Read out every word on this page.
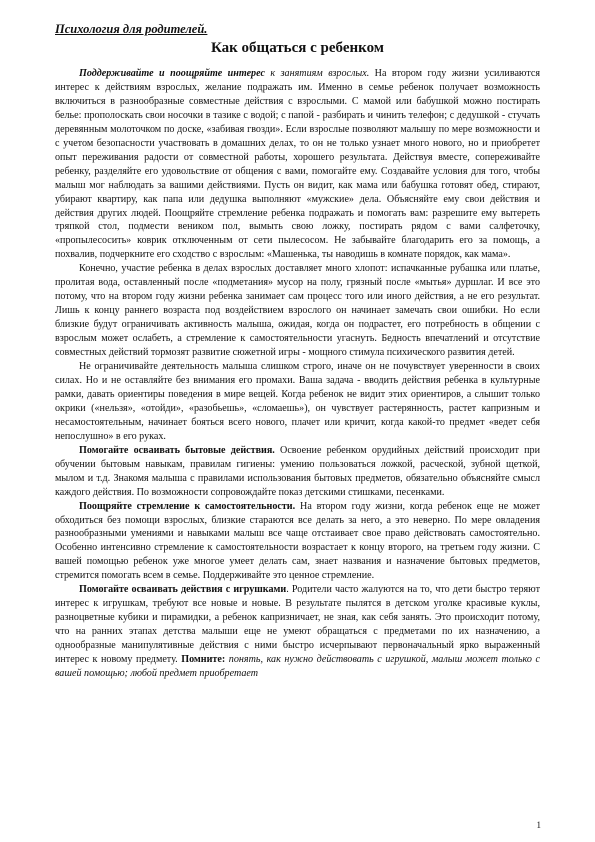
Психология для родителей.

Как общаться с ребенком

Поддерживайте и поощряйте интерес к занятиям взрослых. На втором году жизни усиливаются интерес к действиям взрослых, желание подражать им. Именно в семье ребенок получает возможность включиться в разнообразные совместные действия с взрослыми. С мамой или бабушкой можно постирать белье: прополоскать свои носочки в тазике с водой; с папой - разбирать и чинить телефон; с дедушкой - стучать деревянным молоточком по доске, «забивая гвозди». Если взрослые позволяют малышу по мере возможности и с учетом безопасности участвовать в домашних делах, то он не только узнает много нового, но и приобретет опыт переживания радости от совместной работы, хорошего результата. Действуя вместе, сопереживайте ребенку, разделяйте его удовольствие от общения с вами, помогайте ему. Создавайте условия для того, чтобы малыш мог наблюдать за вашими действиями. Пусть он видит, как мама или бабушка готовят обед, стирают, убирают квартиру, как папа или дедушка выполняют «мужские» дела. Объясняйте ему свои действия и действия других людей. Поощряйте стремление ребенка подражать и помогать вам: разрешите ему вытереть тряпкой стол, подмести веником пол, вымыть свою ложку, постирать рядом с вами салфеточку, «пропылесосить» коврик отключенным от сети пылесосом. Не забывайте благодарить его за помощь, а похвалив, подчеркните его сходство с взрослым: «Машенька, ты наводишь в комнате порядок, как мама».

Конечно, участие ребенка в делах взрослых доставляет много хлопот: испачканные рубашка или платье, пролитая вода, оставленный после «подметания» мусор на полу, грязный после «мытья» дуршлаг. И все это потому, что на втором году жизни ребенка занимает сам процесс того или иного действия, а не его результат. Лишь к концу раннего возраста под воздействием взрослого он начинает замечать свои ошибки. Но если близкие будут ограничивать активность малыша, ожидая, когда он подрастет, его потребность в общении с взрослым может ослабеть, а стремление к самостоятельности угаснуть. Бедность впечатлений и отсутствие совместных действий тормозят развитие сюжетной игры - мощного стимула психического развития детей.

Не ограничивайте деятельность малыша слишком строго, иначе он не почувствует уверенности в своих силах. Но и не оставляйте без внимания его промахи. Ваша задача - вводить действия ребенка в культурные рамки, давать ориентиры поведения в мире вещей. Когда ребенок не видит этих ориентиров, а слышит только окрики («нельзя», «отойди», «разобьешь», «сломаешь»), он чувствует растерянность, растет капризным и несамостоятельным, начинает бояться всего нового, плачет или кричит, когда какой-то предмет «ведет себя непослушно» в его руках.

Помогайте осваивать бытовые действия. Освоение ребенком орудийных действий происходит при обучении бытовым навыкам, правилам гигиены: умению пользоваться ложкой, расческой, зубной щеткой, мылом и т.д. Знакомя малыша с правилами использования бытовых предметов, обязательно объясняйте смысл каждого действия. По возможности сопровождайте показ детскими стишками, песенками.

Поощряйте стремление к самостоятельности. На втором году жизни, когда ребенок еще не может обходиться без помощи взрослых, близкие стараются все делать за него, а это неверно. По мере овладения разнообразными умениями и навыками малыш все чаще отстаивает свое право действовать самостоятельно. Особенно интенсивно стремление к самостоятельности возрастает к концу второго, на третьем году жизни. С вашей помощью ребенок уже многое умеет делать сам, знает названия и назначение бытовых предметов, стремится помогать всем в семье. Поддерживайте это ценное стремление.

Помогайте осваивать действия с игрушками. Родители часто жалуются на то, что дети быстро теряют интерес к игрушкам, требуют все новые и новые. В результате пылятся в детском уголке красивые куклы, разноцветные кубики и пирамидки, а ребенок капризничает, не зная, как себя занять. Это происходит потому, что на ранних этапах детства малыши еще не умеют обращаться с предметами по их назначению, а однообразные манипулятивные действия с ними быстро исчерпывают первоначальный ярко выраженный интерес к новому предмету. Помните: понять, как нужно действовать с игрушкой, малыш может только с вашей помощью; любой предмет приобретает

1
